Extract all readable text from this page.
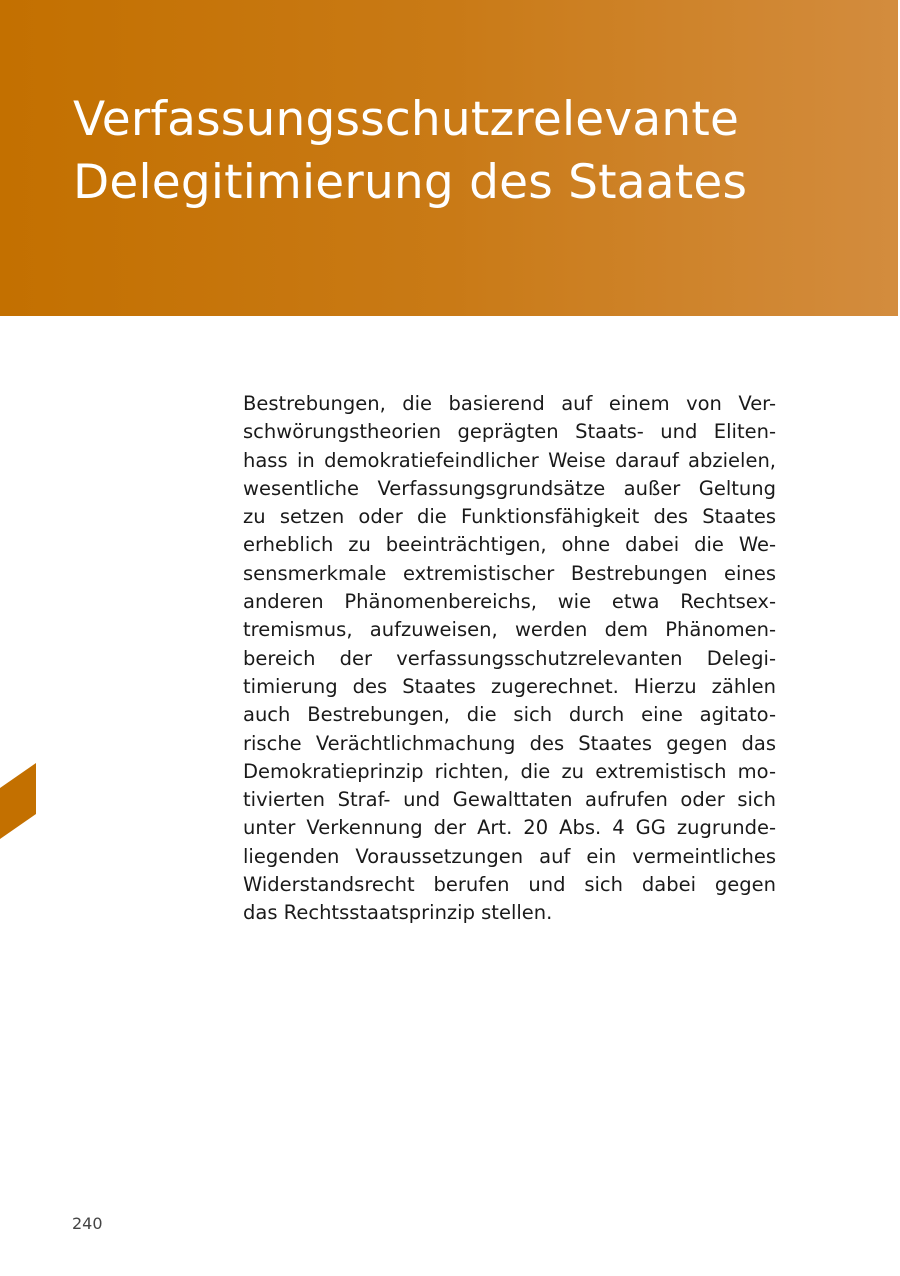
Verfassungsschutzrelevante
Delegitimierung des Staates
Bestrebungen, die basierend auf einem von Ver-
schwörungstheorien geprägten Staats- und Eliten-
hass in demokratiefeindlicher Weise darauf abzielen,
wesentliche Verfassungsgrundsätze außer Geltung
zu setzen oder die Funktionsfähigkeit des Staates
erheblich zu beeinträchtigen, ohne dabei die We-
sensmerkmale extremistischer Bestrebungen eines
anderen Phänomenbereichs, wie etwa Rechtsex-
tremismus, aufzuweisen, werden dem Phänomen-
bereich der verfassungsschutzrelevanten Delegi-
timierung des Staates zugerechnet. Hierzu zählen
auch Bestrebungen, die sich durch eine agitato-
rische Verächtlichmachung des Staates gegen das
Demokratieprinzip richten, die zu extremistisch mo-
tivierten Straf- und Gewalttaten aufrufen oder sich
unter Verkennung der Art. 20 Abs. 4 GG zugrunde-
liegenden Voraussetzungen auf ein vermeintliches
Widerstandsrecht berufen und sich dabei gegen
das Rechtsstaatsprinzip stellen.
240
